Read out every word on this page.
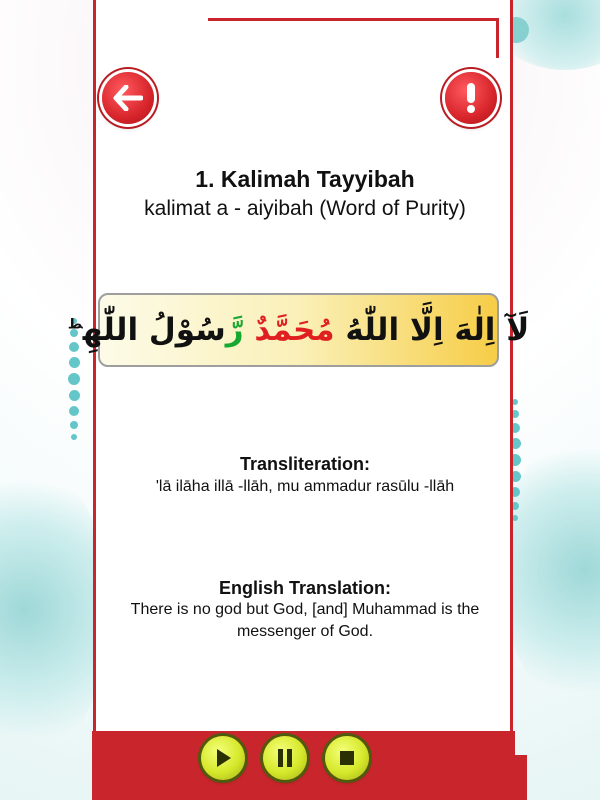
1. Kalimah Tayyibah
kalimat a - aiyibah (Word of Purity)
لَآ اِلٰهَ اِلَّا اللّٰهُ مُحَمَّدٌ رَّسُوْلُ اللّٰهِ$^ط$
Transliteration:
'lā ilāha illā -llāh, mu ammadur rasūlu -llāh
English Translation:
There is no god but God, [and] Muhammad is the messenger of God.
